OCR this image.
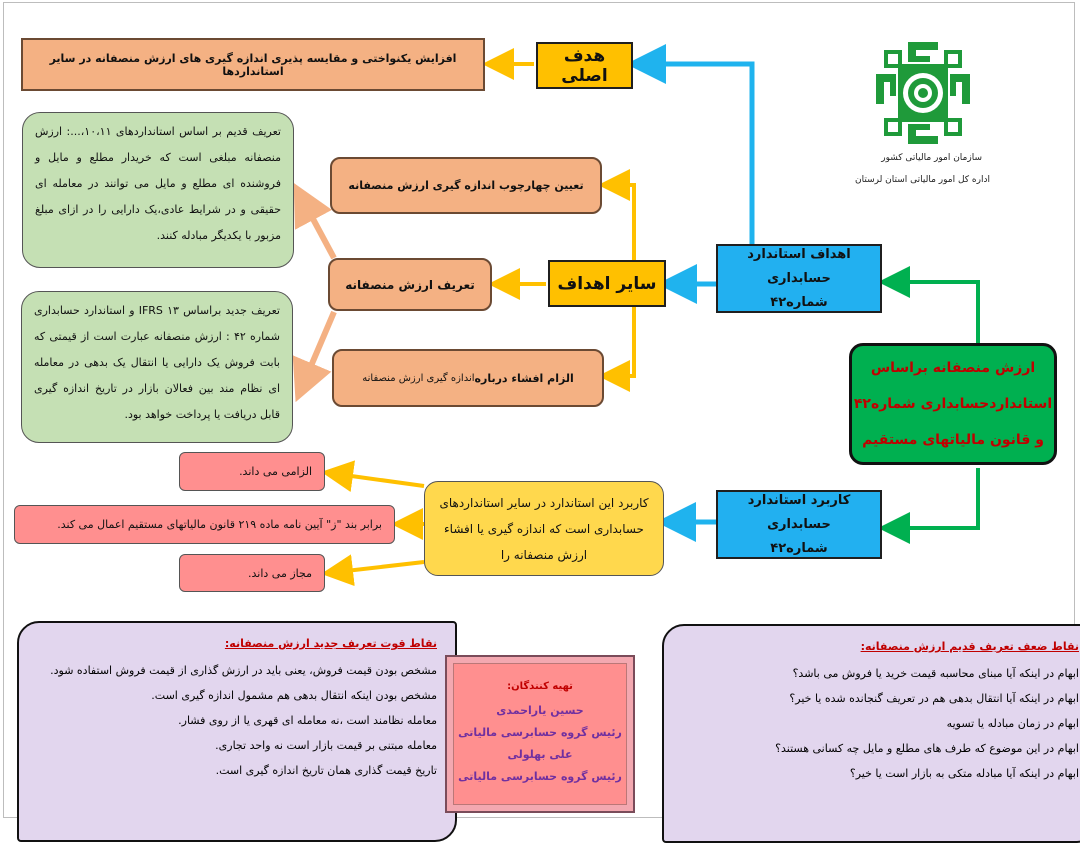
سازمان امور مالیاتی کشور
اداره کل امور مالیاتی استان لرستان
هدف اصلی
افزایش یکنواختی و مقایسه پذیری اندازه گیری های ارزش منصفانه در سایر استانداردها
سایر اهداف
تعیین چهارچوب اندازه گیری ارزش منصفانه
تعریف ارزش منصفانه
الزام افشاء درباره
اندازه گیری ارزش منصفانه
تعریف قدیم بر اساس استانداردهای ۱۰،۱۱،...: ارزش منصفانه مبلغی است که خریدار مطلع و مایل و فروشنده ای مطلع و مایل می توانند در معامله ای حقیقی و در شرایط عادی،یک دارایی را در ازای مبلغ مزبور با یکدیگر مبادله کنند.
تعریف جدید براساس IFRS ۱۳ و استاندارد حسابداری شماره ۴۲ : ارزش منصفانه عبارت است از قیمتی که بابت فروش یک دارایی یا انتقال یک بدهی در معامله ای نظام مند بین فعالان بازار در تاریخ اندازه گیری قابل دریافت یا پرداخت خواهد بود.
اهداف استاندارد حسابداری
شماره۴۲
ارزش منصفانه براساس
استانداردحسابداری شماره۴۲
و قانون مالیاتهای مستقیم
کاربرد استاندارد حسابداری
شماره۴۲
کاربرد این استاندارد در سایر استانداردهای حسابداری است که اندازه گیری یا افشاء ارزش منصفانه را
الزامی می داند.
برابر بند "ز" آیین نامه ماده ۲۱۹ قانون مالیاتهای مستقیم اعمال می کند.
مجاز می داند.
نقاط قوت تعریف جدید ارزش منصفانه:
مشخص بودن قیمت فروش، یعنی باید در ارزش گذاری از قیمت فروش استفاده شود.
مشخص بودن اینکه انتقال بدهی هم مشمول اندازه گیری است.
معامله نظامند است ،نه معامله ای قهری یا از روی فشار.
معامله مبتنی بر قیمت بازار است نه واحد تجاری.
تاریخ قیمت گذاری همان تاریخ اندازه گیری است.
تهیه کنندگان:
حسین یاراحمدی
رئیس گروه حسابرسی مالیاتی
علی بهلولی
رئیس گروه حسابرسی مالیاتی
نقاط ضعف تعریف قدیم ارزش منصفانه:
ابهام در اینکه آیا مبنای محاسبه قیمت خرید یا فروش می باشد؟
ابهام در اینکه آیا انتقال بدهی هم در تعریف گنجانده شده یا خیر؟
ابهام در زمان مبادله یا تسویه
ابهام در این موضوع که طرف های مطلع و مایل چه کسانی هستند؟
ابهام در اینکه آیا مبادله متکی به بازار است یا خیر؟
